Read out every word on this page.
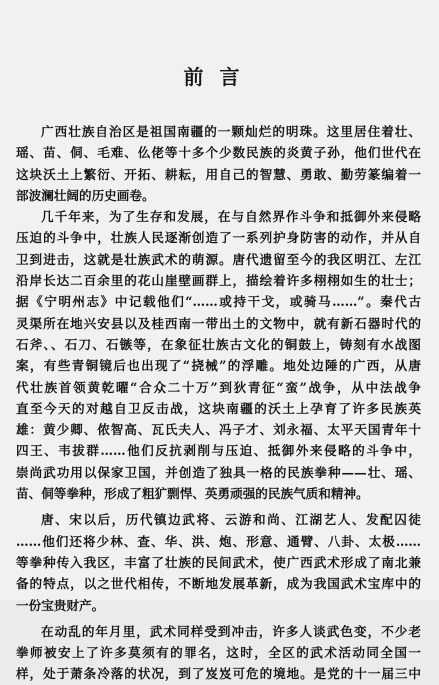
前言
广西壮族自治区是祖国南疆的一颗灿烂的明珠。这里居住着壮、
瑶、苗、侗、毛难、仫佬等十多个少数民族的炎黄子孙，他们世代在
这块沃土上繁衍、开拓、耕耘，用自己的智慧、勇敢、勤劳篆编着一
部波澜壮阔的历史画卷。
几千年来，为了生存和发展，在与自然界作斗争和抵御外来侵略
压迫的斗争中，壮族人民逐渐创造了一系列护身防害的动作，并从自
卫到进击，这就是壮族武术的萌源。唐代遗留至今的我区明江、左江
沿岸长达二百余里的花山崖壁画群上，描绘着许多栩栩如生的壮士；
据《宁明州志》中记载他们“……或持干戈，或骑马……”。秦代古
灵渠所在地兴安县以及桂西南一带出土的文物中，就有新石器时代的
石斧、、石刀、石镞等，在象征壮族古文化的铜鼓上，铸刻有水战图
案，有些青铜镜后也出现了“挠械”的浮雕。地处边陲的广西，从唐
代壮族首领黄乾曜“合众二十万”到狄青征“蛮”战争，从中法战争
直至今天的对越自卫反击战，这块南疆的沃土上孕育了许多民族英
雄：黄少卿、侬智高、瓦氏夫人、冯子才、刘永福、太平天国青年十
四王、韦拔群……他们反抗剥削与压迫、抵御外来侵略的斗争中，
崇尚武功用以保家卫国，并创造了独具一格的民族拳种——壮、瑶、
苗、侗等拳种，形成了粗犷剽悍、英勇顽强的民族气质和精神。
唐、宋以后，历代镇边武将、云游和尚、江湖艺人、发配囚徒
……他们还将少林、查、华、洪、炮、形意、通臂、八卦、太极……
等拳种传入我区，丰富了壮族的民间武术，使广西武术形成了南北兼
备的特点，以之世代相传，不断地发展革新，成为我国武术宝库中的
一份宝贵财产。
在动乱的年月里，武术同样受到冲击，许多人谈武色变，不少老
拳师被安上了许多莫须有的罪名，这时，全区的武术活动同全国一
样，处于萧条冷落的状况，到了岌岌可危的境地。是党的十一届三中
